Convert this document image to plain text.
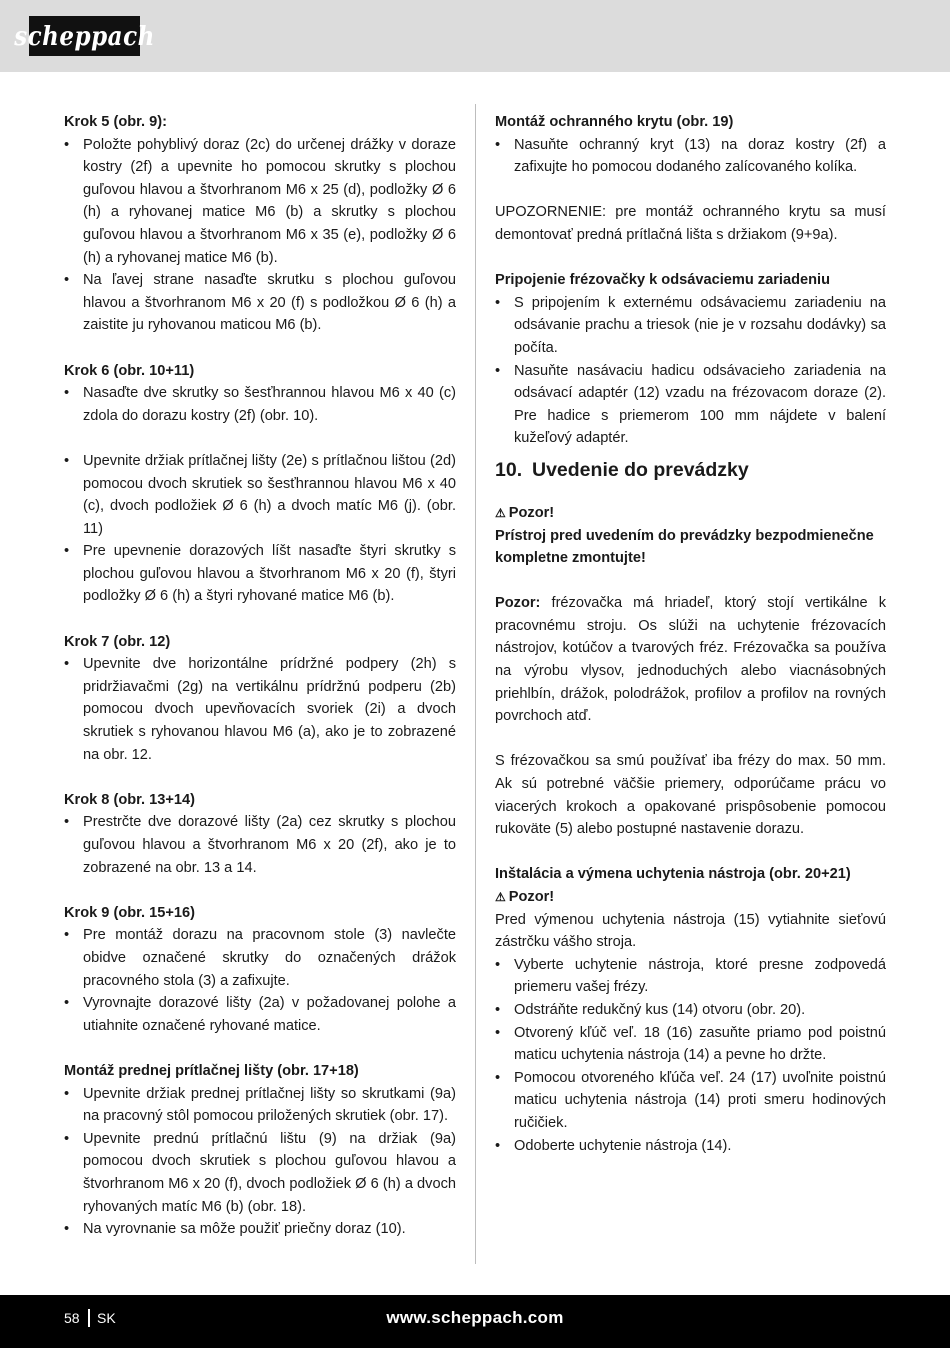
scheppach
Krok 5 (obr. 9):
• Položte pohyblivý doraz (2c) do určenej drážky v doraze kostry (2f) a upevnite ho pomocou skrutky s plochou guľovou hlavou a štvorhranom M6 x 25 (d), podložky Ø 6 (h) a ryhovanej matice M6 (b) a skrutky s plochou guľovou hlavou a štvorhranom M6 x 35 (e), podložky Ø 6 (h) a ryhovanej matice M6 (b).
• Na ľavej strane nasaďte skrutku s plochou guľovou hlavou a štvorhranom M6 x 20 (f) s podložkou Ø 6 (h) a zaistite ju ryhovanou maticou M6 (b).
Krok 6 (obr. 10+11)
• Nasaďte dve skrutky so šesťhrannou hlavou M6 x 40 (c) zdola do dorazu kostry (2f) (obr. 10).
• Upevnite držiak prítlačnej lišty (2e) s prítlačnou lištou (2d) pomocou dvoch skrutiek so šesťhrannou hlavou M6 x 40 (c), dvoch podložiek Ø 6 (h) a dvoch matíc M6 (j). (obr. 11)
• Pre upevnenie dorazových líšt nasaďte štyri skrutky s plochou guľovou hlavou a štvorhranom M6 x 20 (f), štyri podložky Ø 6 (h) a štyri ryhované matice M6 (b).
Krok 7 (obr. 12)
• Upevnite dve horizontálne prídržné podpery (2h) s pridržiavačmi (2g) na vertikálnu prídržnú podperu (2b) pomocou dvoch upevňovacích svoriek (2i) a dvoch skrutiek s ryhovanou hlavou M6 (a), ako je to zobrazené na obr. 12.
Krok 8 (obr. 13+14)
• Prestrčte dve dorazové lišty (2a) cez skrutky s plochou guľovou hlavou a štvorhranom M6 x 20 (2f), ako je to zobrazené na obr. 13 a 14.
Krok 9 (obr. 15+16)
• Pre montáž dorazu na pracovnom stole (3) navlečte obidve označené skrutky do označených drážok pracovného stola (3) a zafixujte.
• Vyrovnajte dorazové lišty (2a) v požadovanej polohe a utiahnite označené ryhované matice.
Montáž prednej prítlačnej lišty (obr. 17+18)
• Upevnite držiak prednej prítlačnej lišty so skrutkami (9a) na pracovný stôl pomocou priložených skrutiek (obr. 17).
• Upevnite prednú prítlačnú lištu (9) na držiak (9a) pomocou dvoch skrutiek s plochou guľovou hlavou a štvorhranom M6 x 20 (f), dvoch podložiek Ø 6 (h) a dvoch ryhovaných matíc M6 (b) (obr. 18).
• Na vyrovnanie sa môže použiť priečny doraz (10).
Montáž ochranného krytu (obr. 19)
• Nasuňte ochranný kryt (13) na doraz kostry (2f) a zafixujte ho pomocou dodaného zalícovaného kolíka.
UPOZORNENIE: pre montáž ochranného krytu sa musí demontovať predná prítlačná lišta s držiakom (9+9a).
Pripojenie frézovačky k odsávaciemu zariadeniu
• S pripojením k externému odsávaciemu zariadeniu na odsávanie prachu a triesok (nie je v rozsahu dodávky) sa počíta.
• Nasuňte nasávaciu hadicu odsávacieho zariadenia na odsávací adaptér (12) vzadu na frézovacom doraze (2). Pre hadice s priemerom 100 mm nájdete v balení kužeľový adaptér.
10. Uvedenie do prevádzky
⚠ Pozor!
Prístroj pred uvedením do prevádzky bezpodmienečne kompletne zmontujte!
Pozor: frézovačka má hriadeľ, ktorý stojí vertikálne k pracovnému stroju. Os slúži na uchytenie frézovacích nástrojov, kotúčov a tvarových fréz. Frézovačka sa používa na výrobu vlysov, jednoduchých alebo viacnásobných priehlbín, drážok, polodrážok, profilov a profilov na rovných povrchoch atď.
S frézovačkou sa smú používať iba frézy do max. 50 mm. Ak sú potrebné väčšie priemery, odporúčame prácu vo viacerých krokoch a opakované prispôsobenie pomocou rukoväte (5) alebo postupné nastavenie dorazu.
Inštalácia a výmena uchytenia nástroja (obr. 20+21)
⚠ Pozor!
Pred výmenou uchytenia nástroja (15) vytiahnite sieťovú zástrčku vášho stroja.
• Vyberte uchytenie nástroja, ktoré presne zodpovedá priemeru vašej frézy.
• Odstráňte redukčný kus (14) otvoru (obr. 20).
• Otvorený kľúč veľ. 18 (16) zasuňte priamo pod poistnú maticu uchytenia nástroja (14) a pevne ho držte.
• Pomocou otvoreného kľúča veľ. 24 (17) uvoľnite poistnú maticu uchytenia nástroja (14) proti smeru hodinových ručičiek.
• Odoberte uchytenie nástroja (14).
58 SK	www.scheppach.com
